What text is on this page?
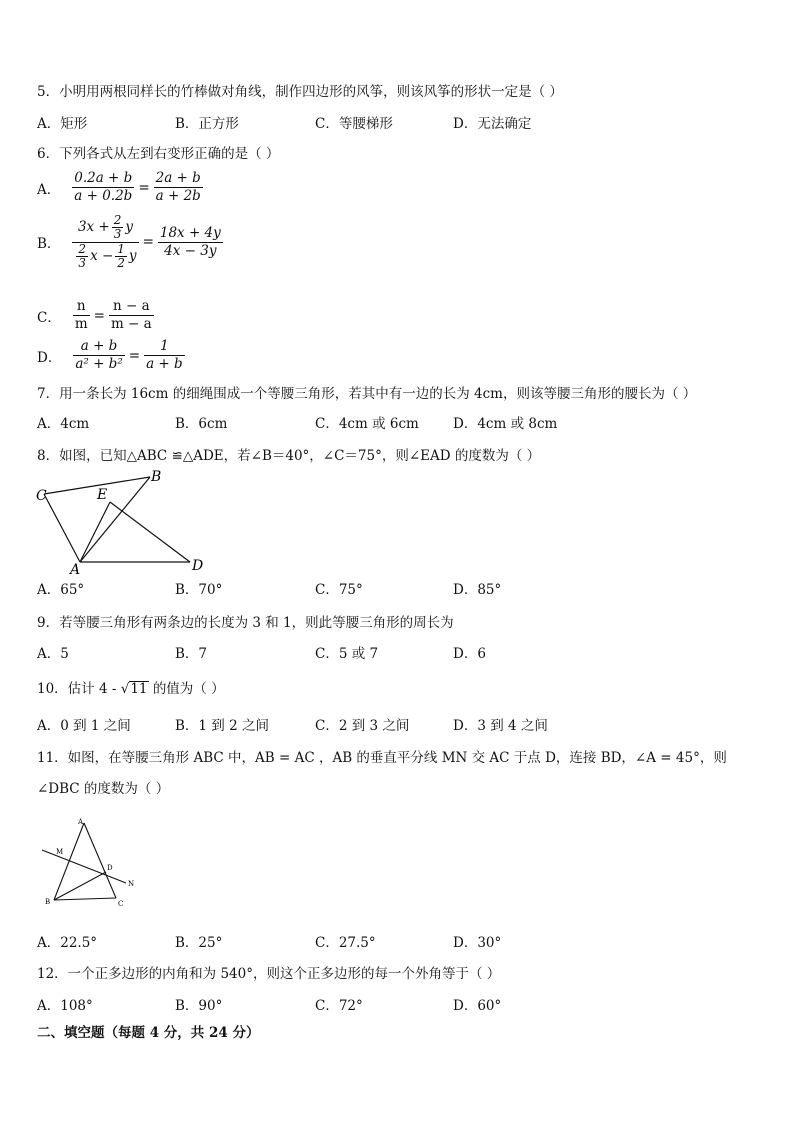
5．小明用两根同样长的竹棒做对角线，制作四边形的风筝，则该风筝的形状一定是（ ）
A．矩形	B．正方形	C．等腰梯形	D．无法确定
6．下列各式从左到右变形正确的是（ ）
A． $\frac{0.2a + b}{a + 0.2b} = \frac{2a + b}{a + 2b}$
B． $\frac{3x + \frac{2}{3} y}{\frac{2}{3} x - \frac{1}{2} y} = \frac{18x + 4y}{4x - 3y}$
C． $\frac{n}{m} = \frac{n - a}{m - a}$
D． $\frac{a + b}{\text{a² + b²}} = \frac{1}{a + b}$
7．用一条长为 16cm 的细绳围成一个等腰三角形，若其中有一边的长为 4cm，则该等腰三角形的腰长为（ ）
A．4cm	B．6cm	C．4cm 或 6cm	D．4cm 或 8cm
8．如图，已知△ABC ≌△ADE，若∠B＝40°，∠C＝75°，则∠EAD 的度数为（ ）
C	E
B
A	D
A．65°	B．70°	C．75°	D．85°
9．若等腰三角形有两条边的长度为 3 和 1，则此等腰三角形的周长为
A．5	B．7	C．5 或 7	D．6
10．估计 4 - √11 的值为（ ）
A．0 到 1 之间	B．1 到 2 之间	C．2 到 3 之间	D．3 到 4 之间
11．如图，在等腰三角形 ABC 中，AB = AC ，AB 的垂直平分线 MN 交 AC 于点 D，连接 BD，∠A = 45°，则
∠DBC 的度数为（ ）
A
M
D
N
B	C
A．22.5°	B．25°	C．27.5°	D．30°
12．一个正多边形的内角和为 540°，则这个正多边形的每一个外角等于（ ）
A．108°	B．90°	C．72°	D．60°
二、填空题（每题 4 分，共 24 分）
